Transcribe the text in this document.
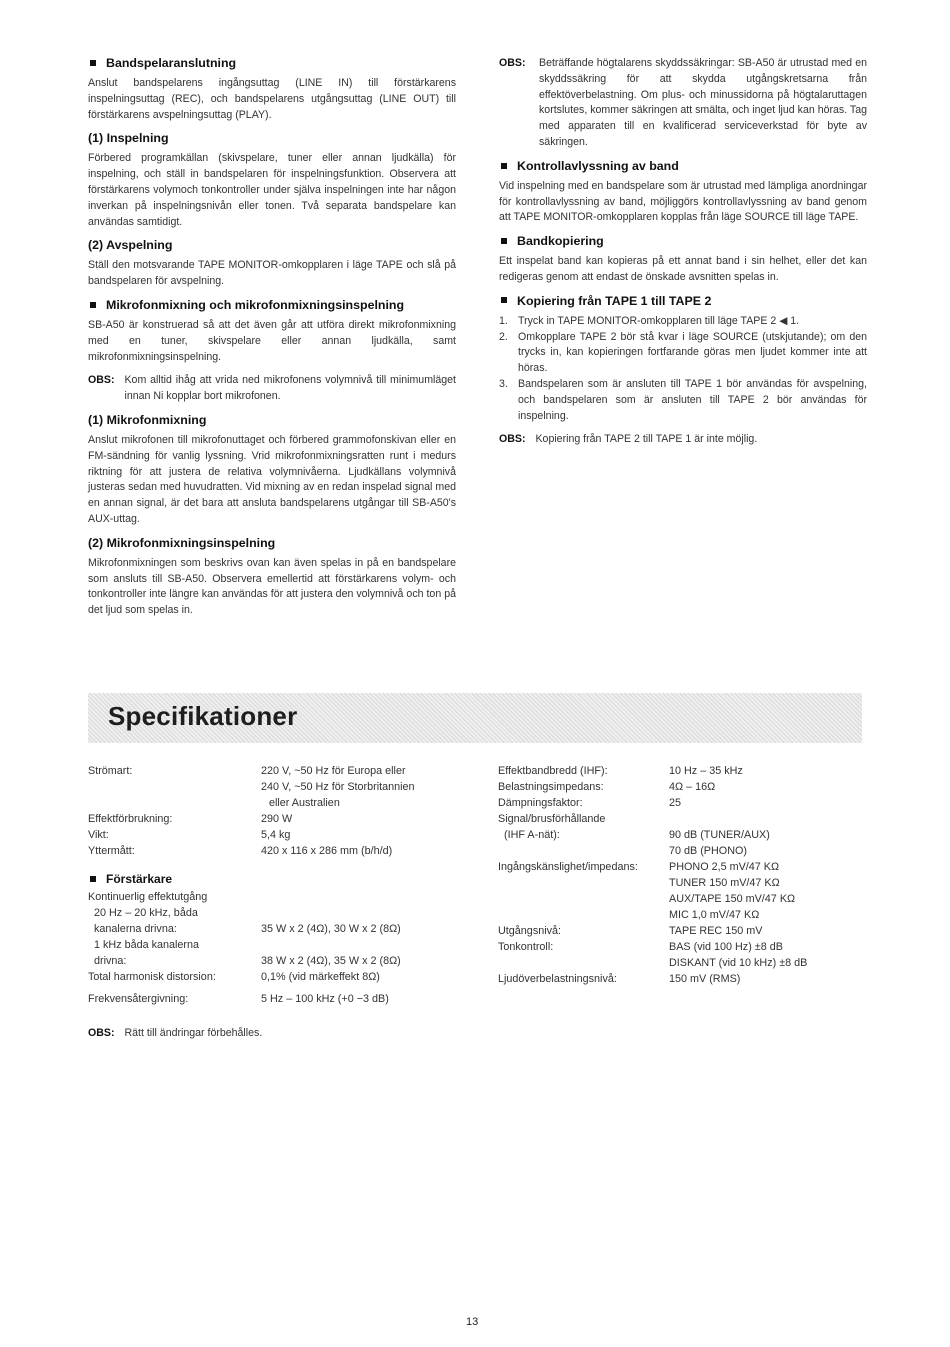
Bandspelaranslutning

Anslut bandspelarens ingångsuttag (LINE IN) till förstärkarens inspelningsuttag (REC), och bandspelarens utgångsuttag (LINE OUT) till förstärkarens avspelningsuttag (PLAY).

(1) Inspelning

Förbered programkällan (skivspelare, tuner eller annan ljudkälla) för inspelning, och ställ in bandspelaren för inspelningsfunktion. Observera att förstärkarens volymoch tonkontroller under själva inspelningen inte har någon inverkan på inspelningsnivån eller tonen. Två separata bandspelare kan användas samtidigt.

(2) Avspelning

Ställ den motsvarande TAPE MONITOR-omkopplaren i läge TAPE och slå på bandspelaren för avspelning.

Mikrofonmixning och mikrofonmixningsinspelning

SB-A50 är konstruerad så att det även går att utföra direkt mikrofonmixning med en tuner, skivspelare eller annan ljudkälla, samt mikrofonmixningsinspelning.

OBS: Kom alltid ihåg att vrida ned mikrofonens volymnivå till minimumläget innan Ni kopplar bort mikrofonen.
(1) Mikrofonmixning

Anslut mikrofonen till mikrofonuttaget och förbered grammofonskivan eller en FM-sändning för vanlig lyssning. Vrid mikrofonmixningsratten runt i medurs riktning för att justera de relativa volymnivåerna. Ljudkällans volymnivå justeras sedan med huvudratten. Vid mixning av en redan inspelad signal med en annan signal, är det bara att ansluta bandspelarens utgångar till SB-A50's AUX-uttag.

(2) Mikrofonmixningsinspelning

Mikrofonmixningen som beskrivs ovan kan även spelas in på en bandspelare som ansluts till SB-A50. Observera emellertid att förstärkarens volym- och tonkontroller inte längre kan användas för att justera den volymnivå och ton på det ljud som spelas in.

OBS:	Beträffande högtalarens skyddssäkringar: SB-A50 är utrustad med en skyddssäkring för att skydda utgångskretsarna från effektöverbelastning. Om plus- och minussidorna på högtalaruttagen kortslutes, kommer säkringen att smälta, och inget ljud kan höras. Tag med apparaten till en kvalificerad serviceverkstad för byte av säkringen.
Kontrollavlyssning av band

Vid inspelning med en bandspelare som är utrustad med lämpliga anordningar för kontrollavlyssning av band, möjliggörs kontrollavlyssning av band genom att TAPE MONITOR-omkopplaren kopplas från läge SOURCE till läge TAPE.

Bandkopiering

Ett inspelat band kan kopieras på ett annat band i sin helhet, eller det kan redigeras genom att endast de önskade avsnitten spelas in.

Kopiering från TAPE 1 till TAPE 2
1. Tryck in TAPE MONITOR-omkopplaren till läge TAPE 2 ◀ 1.
2. Omkopplare TAPE 2 bör stå kvar i läge SOURCE (utskjutande); om den trycks in, kan kopieringen fortfarande göras men ljudet kommer inte att höras.
3. Bandspelaren som är ansluten till TAPE 1 bör användas för avspelning, och bandspelaren som är ansluten till TAPE 2 bör användas för inspelning.
OBS: Kopiering från TAPE 2 till TAPE 1 är inte möjlig.
Specifikationer
Strömart:	220 V, ~50 Hz för Europa eller
240 V, ~50 Hz för Storbritannien
eller Australien
Effektförbrukning:	290 W
Vikt:	5,4 kg
Yttermått:	420 x 116 x 286 mm (b/h/d)
Förstärkare
Kontinuerlig effektutgång
20 Hz – 20 kHz, båda
kanalerna drivna:

	35 W x 2 (4Ω), 30 W x 2 (8Ω)
1 kHz båda kanalerna
drivna:
	38 W x 2 (4Ω), 35 W x 2 (8Ω)
Total harmonisk distorsion:	0,1% (vid märkeffekt 8Ω)
Frekvensåtergivning:	5 Hz – 100 kHz (+0 −3 dB)
Effektbandbredd (IHF):	10 Hz – 35 kHz
Belastningsimpedans:	4Ω – 16Ω
Dämpningsfaktor:	25
Signal/brusförhållande
(IHF A-nät):
	90 dB (TUNER/AUX)
70 dB (PHONO)
Ingångskänslighet/impedans:	PHONO 2,5 mV/47 KΩ
TUNER 150 mV/47 KΩ
AUX/TAPE 150 mV/47 KΩ
MIC 1,0 mV/47 KΩ
Utgångsnivå:	TAPE REC 150 mV
Tonkontroll:	BAS (vid 100 Hz) ±8 dB
DISKANT (vid 10 kHz) ±8 dB
Ljudöverbelastningsnivå:	150 mV (RMS)
OBS: Rätt till ändringar förbehålles.
13
